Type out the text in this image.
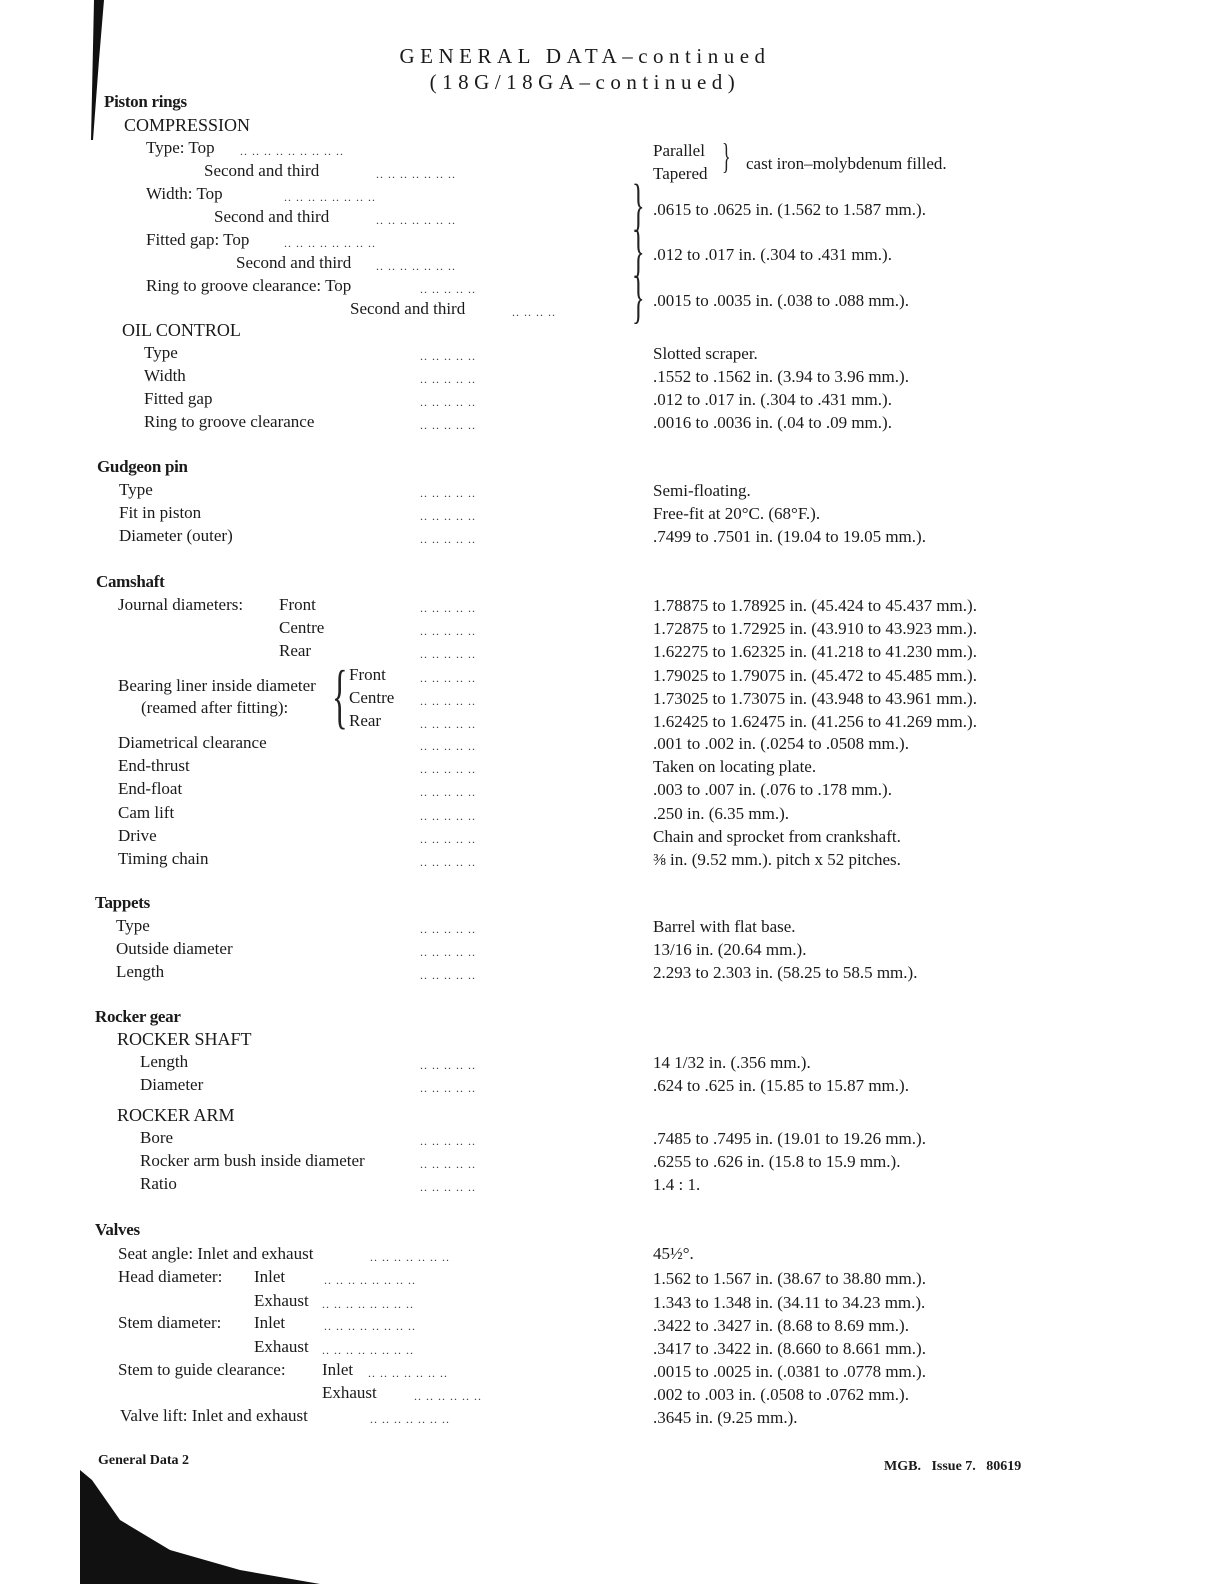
GENERAL DATA–continued
(18G/18GA–continued)
Piston rings
COMPRESSION
Type: Top .. .. .. .. .. .. .. .. ..
Second and third	.. .. .. .. .. .. ..
Parallel
Tapered } cast iron–molybdenum filled.
Width: Top	.. .. .. .. .. .. .. ..
Second and third	.. .. .. .. .. .. ..	} .0615 to .0625 in. (1.562 to 1.587 mm.).
Fitted gap: Top	.. .. .. .. .. .. .. ..
Second and third .. .. .. .. .. .. ..	} .012 to .017 in. (.304 to .431 mm.).
Ring to groove clearance: Top	.. .. .. .. ..
Second and third	.. .. .. .. } .0015 to .0035 in. (.038 to .088 mm.).
OIL CONTROL
Type	.. .. .. .. ..	Slotted scraper.
Width	.. .. .. .. ..	.1552 to .1562 in. (3.94 to 3.96 mm.).
Fitted gap	.. .. .. .. ..	.012 to .017 in. (.304 to .431 mm.).
Ring to groove clearance	.. .. .. .. ..	.0016 to .0036 in. (.04 to .09 mm.).
Gudgeon pin
Type	.. .. .. .. ..	Semi-floating.
Fit in piston	.. .. .. .. ..	Free-fit at 20°C. (68°F.).
Diameter (outer)	.. .. .. .. ..	.7499 to .7501 in. (19.04 to 19.05 mm.).
Camshaft
Journal diameters: Front	.. .. .. .. ..	1.78875 to 1.78925 in. (45.424 to 45.437 mm.).
Centre	.. .. .. .. ..	1.72875 to 1.72925 in. (43.910 to 43.923 mm.).
Rear	.. .. .. .. ..	1.62275 to 1.62325 in. (41.218 to 41.230 mm.).
Bearing liner inside diameter
(reamed after fitting): { Front	.. .. .. .. ..	1.79025 to 1.79075 in. (45.472 to 45.485 mm.).
Centre .. .. .. .. ..	1.73025 to 1.73075 in. (43.948 to 43.961 mm.).
Rear	.. .. .. .. ..	1.62425 to 1.62475 in. (41.256 to 41.269 mm.).
Diametrical clearance	.. .. .. .. ..	.001 to .002 in. (.0254 to .0508 mm.).
End-thrust	.. .. .. .. ..	Taken on locating plate.
End-float	.. .. .. .. ..	.003 to .007 in. (.076 to .178 mm.).
Cam lift	.. .. .. .. ..	.250 in. (6.35 mm.).
Drive	.. .. .. .. ..	Chain and sprocket from crankshaft.
Timing chain	.. .. .. .. ..	⅜ in. (9.52 mm.). pitch x 52 pitches.
Tappets
Type	.. .. .. .. ..	Barrel with flat base.
Outside diameter	.. .. .. .. ..	13/16 in. (20.64 mm.).
Length	.. .. .. .. ..	2.293 to 2.303 in. (58.25 to 58.5 mm.).
Rocker gear
ROCKER SHAFT
Length	.. .. .. .. ..	14 1/32 in. (.356 mm.).
Diameter	.. .. .. .. ..	.624 to .625 in. (15.85 to 15.87 mm.).
ROCKER ARM
Bore	.. .. .. .. ..	.7485 to .7495 in. (19.01 to 19.26 mm.).
Rocker arm bush inside diameter	.. .. .. .. ..	.6255 to .626 in. (15.8 to 15.9 mm.).
Ratio	.. .. .. .. ..	1.4 : 1.
Valves
Seat angle: Inlet and exhaust	.. .. .. .. .. .. ..	45½°.
Head diameter: Inlet	.. .. .. .. .. .. .. ..	1.562 to 1.567 in. (38.67 to 38.80 mm.).
Exhaust .. .. .. .. .. .. .. ..	1.343 to 1.348 in. (34.11 to 34.23 mm.).
Stem diameter: Inlet	.. .. .. .. .. .. .. ..	.3422 to .3427 in. (8.68 to 8.69 mm.).
Exhaust .. .. .. .. .. .. .. ..	.3417 to .3422 in. (8.660 to 8.661 mm.).
Stem to guide clearance: Inlet .. .. .. .. .. .. ..	.0015 to .0025 in. (.0381 to .0778 mm.).
Exhaust	.. .. .. .. .. ..	.002 to .003 in. (.0508 to .0762 mm.).
Valve lift: Inlet and exhaust	.. .. .. .. .. .. ..	.3645 in. (9.25 mm.).
General Data 2	MGB.   Issue 7.   80619
